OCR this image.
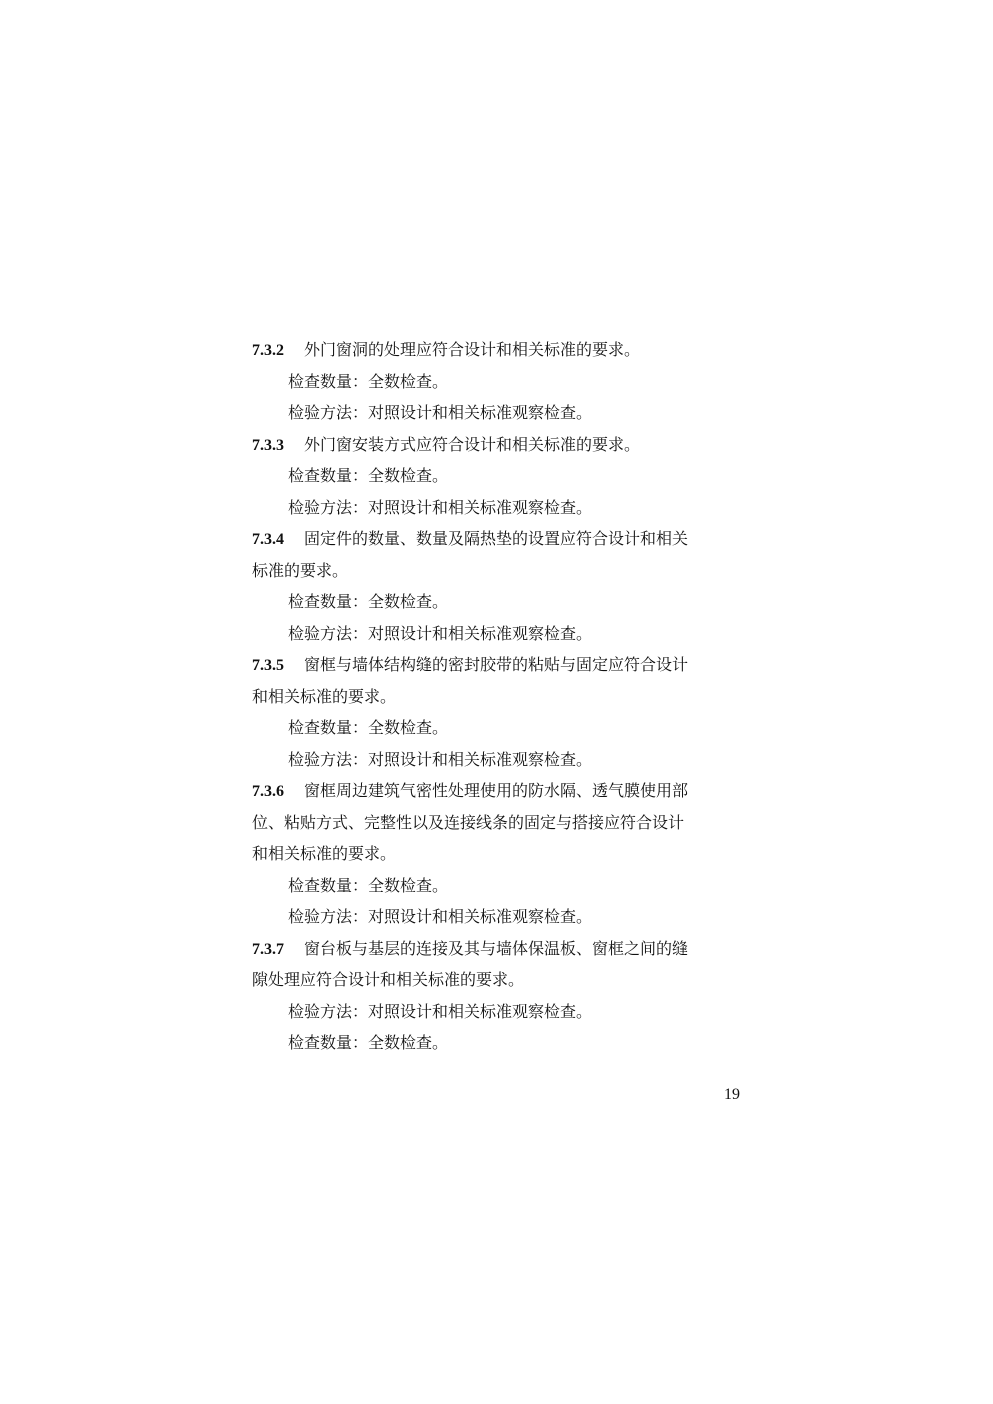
7.3.2 外门窗洞的处理应符合设计和相关标准的要求。
检查数量：全数检查。
检验方法：对照设计和相关标准观察检查。
7.3.3 外门窗安装方式应符合设计和相关标准的要求。
检查数量：全数检查。
检验方法：对照设计和相关标准观察检查。
7.3.4 固定件的数量、数量及隔热垫的设置应符合设计和相关
标准的要求。
检查数量：全数检查。
检验方法：对照设计和相关标准观察检查。
7.3.5 窗框与墙体结构缝的密封胶带的粘贴与固定应符合设计
和相关标准的要求。
检查数量：全数检查。
检验方法：对照设计和相关标准观察检查。
7.3.6 窗框周边建筑气密性处理使用的防水隔、透气膜使用部
位、粘贴方式、完整性以及连接线条的固定与搭接应符合设计
和相关标准的要求。
检查数量：全数检查。
检验方法：对照设计和相关标准观察检查。
7.3.7 窗台板与基层的连接及其与墙体保温板、窗框之间的缝
隙处理应符合设计和相关标准的要求。
检验方法：对照设计和相关标准观察检查。
检查数量：全数检查。
19
